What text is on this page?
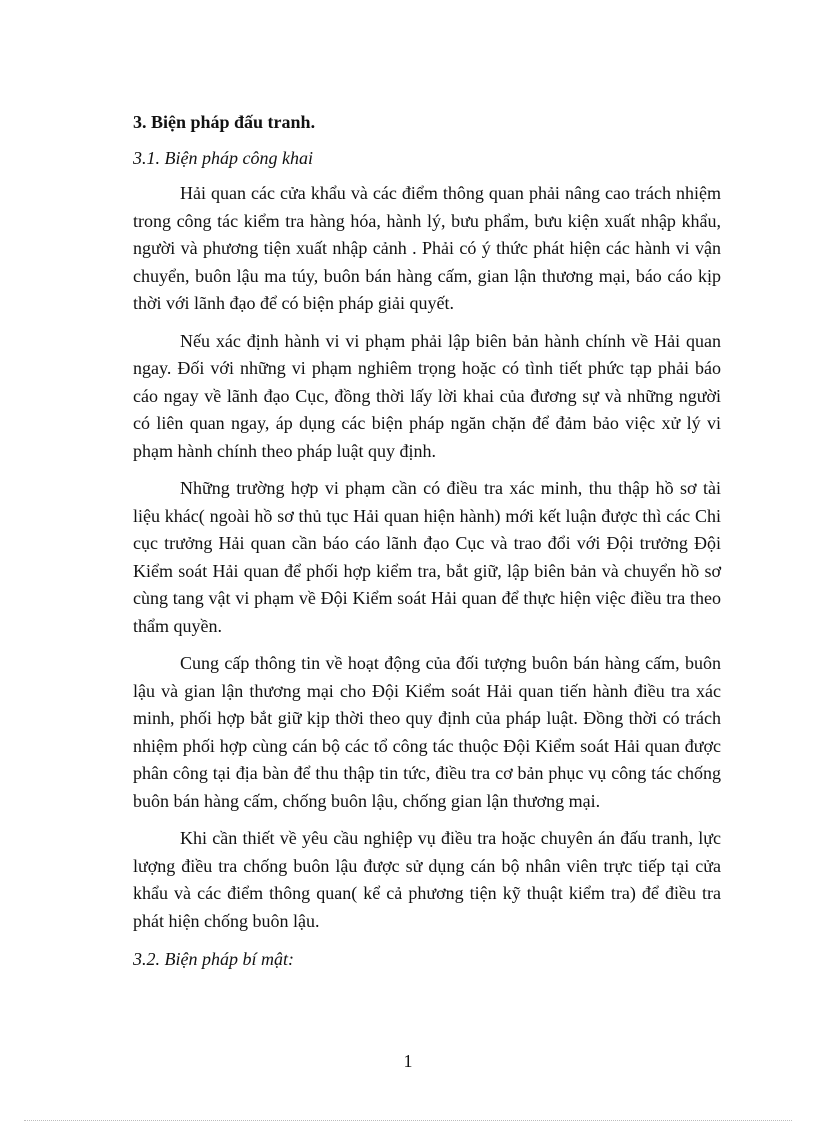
3. Biện pháp đấu tranh.
3.1. Biện pháp công khai

Hải quan các cửa khẩu và các điểm thông quan phải nâng cao trách nhiệm trong công tác kiểm tra hàng hóa, hành lý, bưu phẩm, bưu kiện xuất nhập khẩu, người và phương tiện xuất nhập cảnh . Phải có ý thức phát hiện các hành vi vận chuyển, buôn lậu ma túy, buôn bán hàng cấm, gian lận thương mại, báo cáo kịp thời với lãnh đạo để có biện pháp giải quyết.

Nếu xác định hành vi vi phạm phải lập biên bản hành chính về Hải quan ngay. Đối với những vi phạm nghiêm trọng hoặc có tình tiết phức tạp phải báo cáo ngay về lãnh đạo Cục, đồng thời lấy lời khai của đương sự và những người có liên quan ngay, áp dụng các biện pháp ngăn chặn để đảm bảo việc xử lý vi phạm hành chính theo pháp luật quy định.

Những trường hợp vi phạm cần có điều tra xác minh, thu thập hồ sơ tài liệu khác( ngoài hồ sơ thủ tục Hải quan hiện hành) mới kết luận được thì các Chi cục trưởng Hải quan cần báo cáo lãnh đạo Cục và trao đổi với Đội trưởng Đội Kiểm soát Hải quan để phối hợp kiểm tra, bắt giữ, lập biên bản và chuyển hồ sơ cùng tang vật vi phạm về Đội Kiểm soát Hải quan để thực hiện việc điều tra theo thẩm quyền.

Cung cấp thông tin về hoạt động của đối tượng buôn bán hàng cấm, buôn lậu và gian lận thương mại cho Đội Kiểm soát Hải quan tiến hành điều tra xác minh, phối hợp bắt giữ kịp thời theo quy định của pháp luật. Đồng thời có trách nhiệm phối hợp cùng cán bộ các tổ công tác thuộc Đội Kiểm soát Hải quan được phân công tại địa bàn để thu thập tin tức, điều tra cơ bản phục vụ công tác chống buôn bán hàng cấm, chống buôn lậu, chống gian lận thương mại.

Khi cần thiết về yêu cầu nghiệp vụ điều tra hoặc chuyên án đấu tranh, lực lượng điều tra chống buôn lậu được sử dụng cán bộ nhân viên trực tiếp tại cửa khẩu và các điểm thông quan( kể cả phương tiện kỹ thuật kiểm tra) để điều tra phát hiện chống buôn lậu.

3.2. Biện pháp bí mật:
1
